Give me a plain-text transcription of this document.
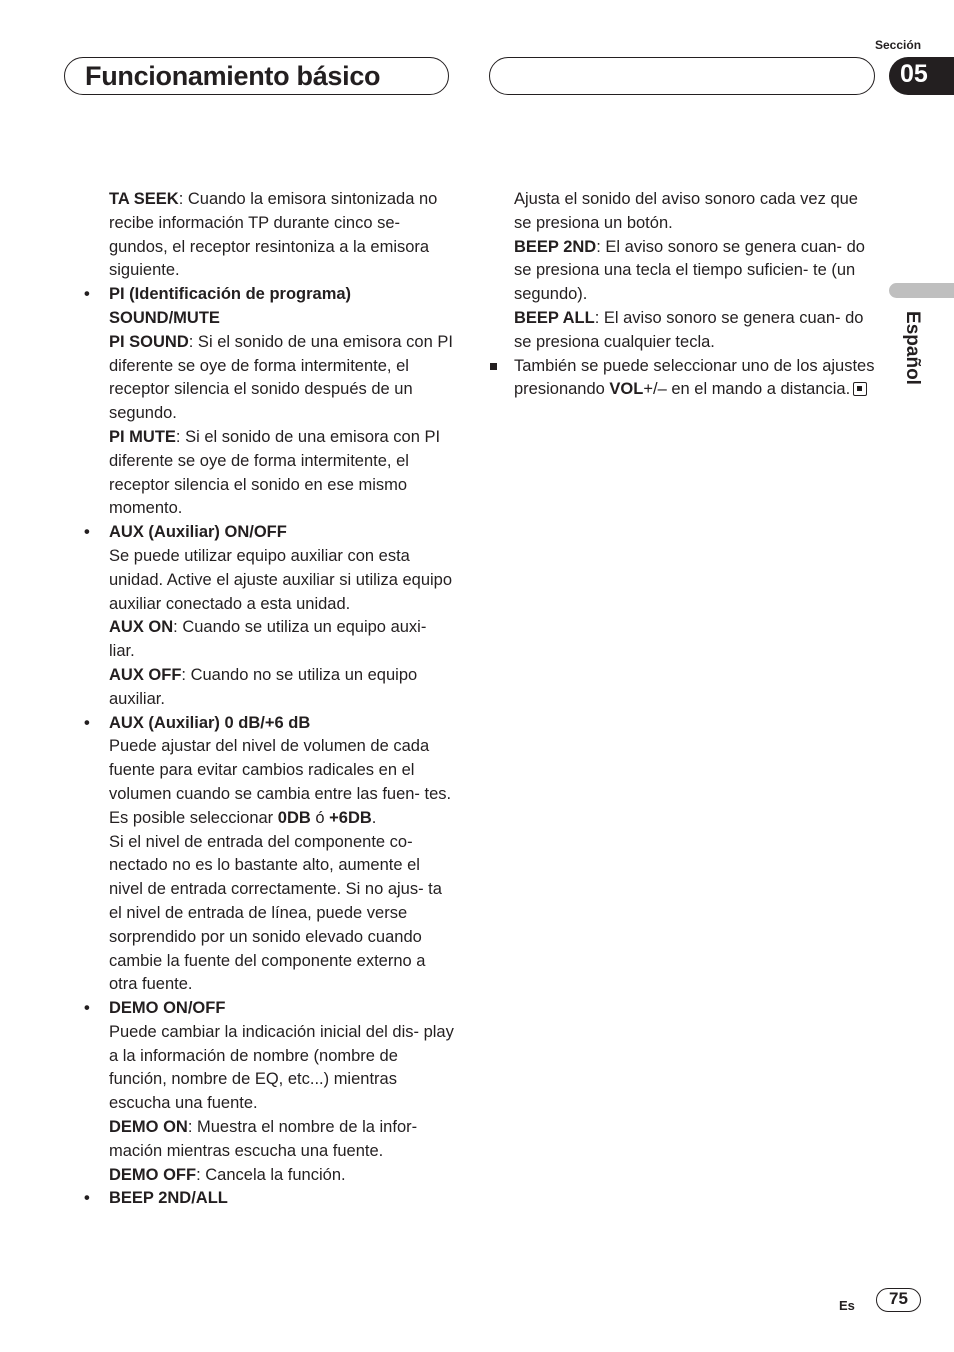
Funcionamiento básico
Sección
05
Español

TA SEEK: Cuando la emisora sintonizada no recibe información TP durante cinco se- gundos, el receptor resintoniza a la emisora siguiente.

• PI (Identificación de programa) SOUND/MUTE

PI SOUND: Si el sonido de una emisora con PI diferente se oye de forma intermitente, el receptor silencia el sonido después de un segundo.

PI MUTE: Si el sonido de una emisora con PI diferente se oye de forma intermitente, el receptor silencia el sonido en ese mismo momento.

• AUX (Auxiliar) ON/OFF

Se puede utilizar equipo auxiliar con esta unidad. Active el ajuste auxiliar si utiliza equipo auxiliar conectado a esta unidad.

AUX ON: Cuando se utiliza un equipo auxi- liar.

AUX OFF: Cuando no se utiliza un equipo auxiliar.

• AUX (Auxiliar) 0 dB/+6 dB

Puede ajustar del nivel de volumen de cada fuente para evitar cambios radicales en el volumen cuando se cambia entre las fuen- tes.

Es posible seleccionar 0DB ó +6DB.

Si el nivel de entrada del componente co- nectado no es lo bastante alto, aumente el nivel de entrada correctamente. Si no ajus- ta el nivel de entrada de línea, puede verse sorprendido por un sonido elevado cuando cambie la fuente del componente externo a otra fuente.

• DEMO ON/OFF

Puede cambiar la indicación inicial del dis- play a la información de nombre (nombre de función, nombre de EQ, etc...) mientras escucha una fuente.

DEMO ON: Muestra el nombre de la infor- mación mientras escucha una fuente.

DEMO OFF: Cancela la función.

• BEEP 2ND/ALL

Ajusta el sonido del aviso sonoro cada vez que se presiona un botón.

BEEP 2ND: El aviso sonoro se genera cuan- do se presiona una tecla el tiempo suficien- te (un segundo).

BEEP ALL: El aviso sonoro se genera cuan- do se presiona cualquier tecla.

También se puede seleccionar uno de los ajustes presionando VOL+/– en el mando a distancia.

Es	75
